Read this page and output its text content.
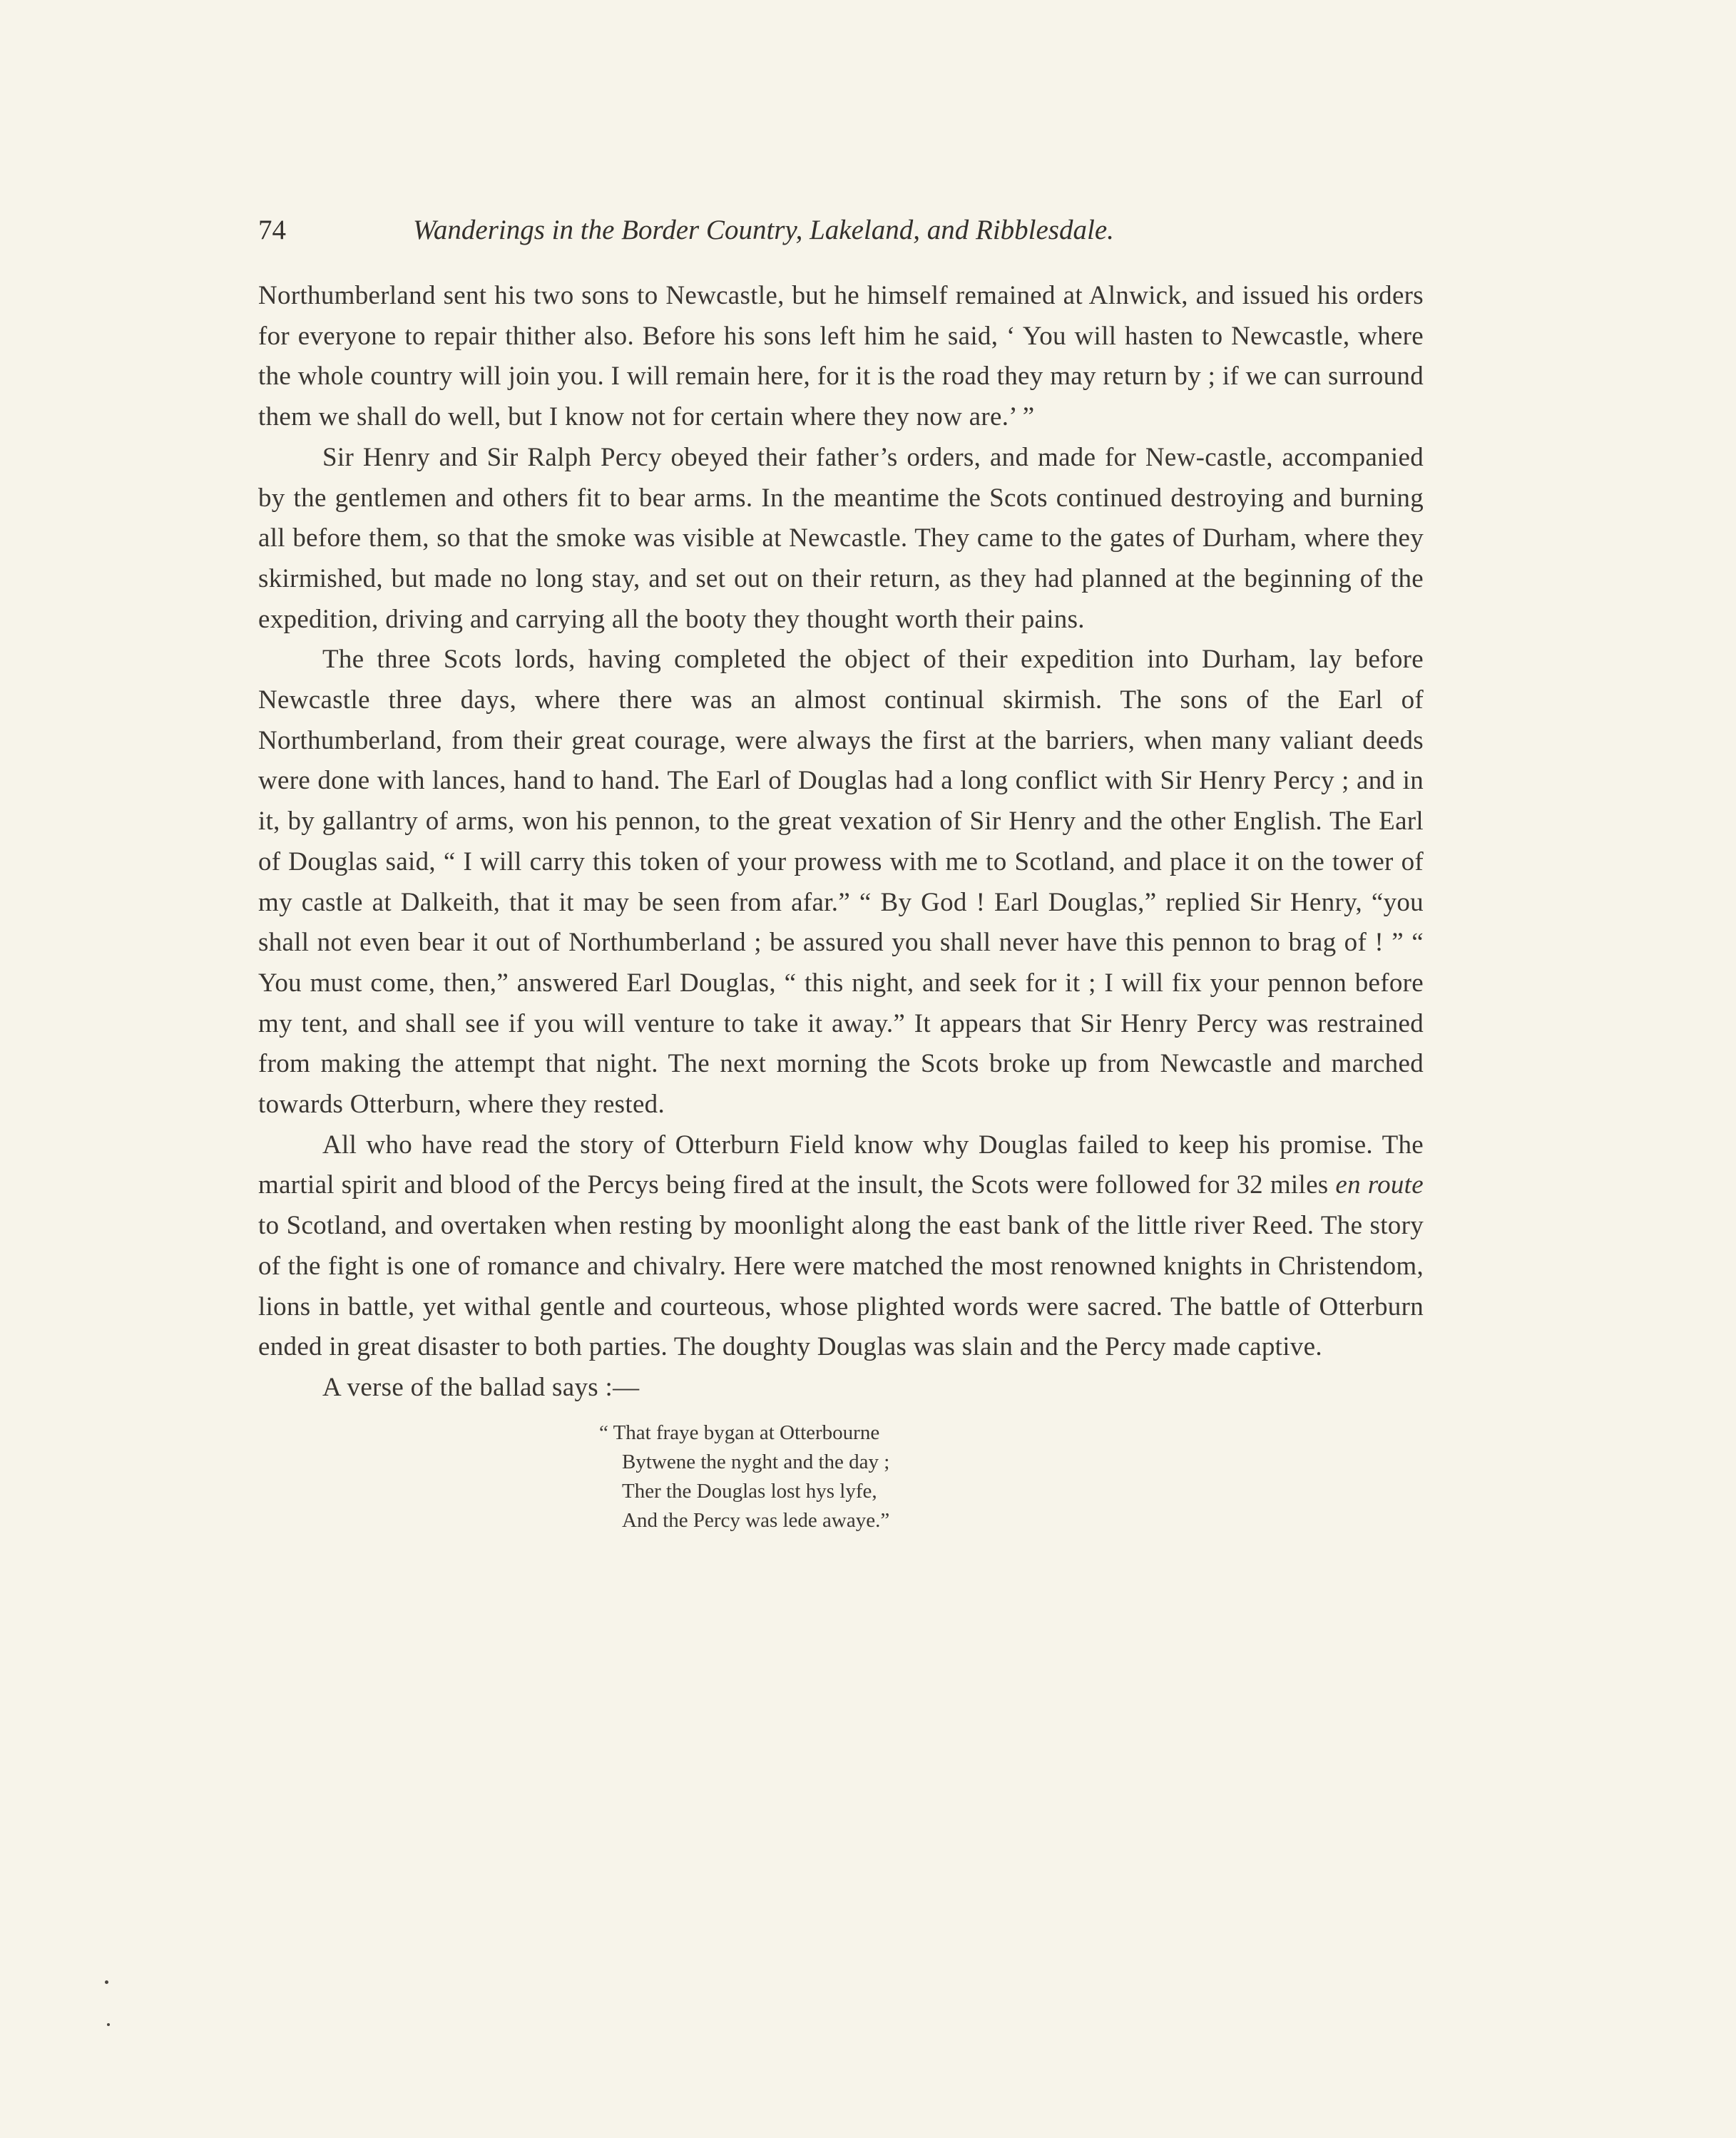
74	Wanderings in the Border Country, Lakeland, and Ribblesdale.

Northumberland sent his two sons to Newcastle, but he himself remained at Alnwick, and issued his orders for everyone to repair thither also. Before his sons left him he said, ‘ You will hasten to Newcastle, where the whole country will join you. I will remain here, for it is the road they may return by ; if we can surround them we shall do well, but I know not for certain where they now are.’ ”

Sir Henry and Sir Ralph Percy obeyed their father’s orders, and made for New-castle, accompanied by the gentlemen and others fit to bear arms. In the meantime the Scots continued destroying and burning all before them, so that the smoke was visible at Newcastle. They came to the gates of Durham, where they skirmished, but made no long stay, and set out on their return, as they had planned at the beginning of the expedition, driving and carrying all the booty they thought worth their pains.

The three Scots lords, having completed the object of their expedition into Durham, lay before Newcastle three days, where there was an almost continual skirmish. The sons of the Earl of Northumberland, from their great courage, were always the first at the barriers, when many valiant deeds were done with lances, hand to hand. The Earl of Douglas had a long conflict with Sir Henry Percy ; and in it, by gallantry of arms, won his pennon, to the great vexation of Sir Henry and the other English. The Earl of Douglas said, “ I will carry this token of your prowess with me to Scotland, and place it on the tower of my castle at Dalkeith, that it may be seen from afar.” “ By God ! Earl Douglas,” replied Sir Henry, “you shall not even bear it out of Northumberland ; be assured you shall never have this pennon to brag of ! ” “ You must come, then,” answered Earl Douglas, “ this night, and seek for it ; I will fix your pennon before my tent, and shall see if you will venture to take it away.” It appears that Sir Henry Percy was restrained from making the attempt that night. The next morning the Scots broke up from Newcastle and marched towards Otterburn, where they rested.

All who have read the story of Otterburn Field know why Douglas failed to keep his promise. The martial spirit and blood of the Percys being fired at the insult, the Scots were followed for 32 miles en route to Scotland, and overtaken when resting by moonlight along the east bank of the little river Reed. The story of the fight is one of romance and chivalry. Here were matched the most renowned knights in Christendom, lions in battle, yet withal gentle and courteous, whose plighted words were sacred. The battle of Otterburn ended in great disaster to both parties. The doughty Douglas was slain and the Percy made captive.

A verse of the ballad says :—

“ That fraye bygan at Otterbourne
Bytwene the nyght and the day ;
Ther the Douglas lost hys lyfe,
And the Percy was lede awaye.”
